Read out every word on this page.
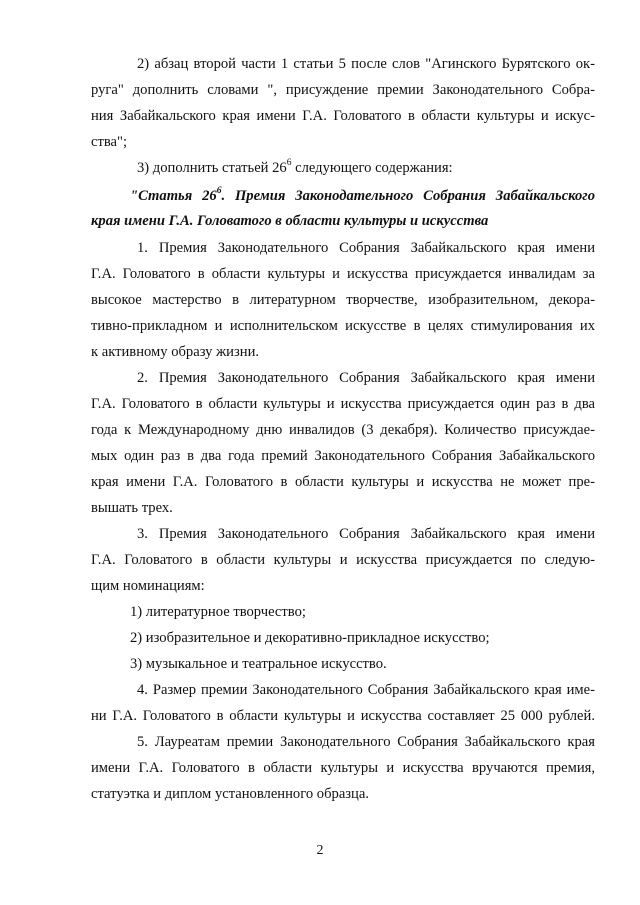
2) абзац второй части 1 статьи 5 после слов "Агинского Бурятского ок-
руга" дополнить словами ", присуждение премии Законодательного Собра-
ния Забайкальского края имени Г.А. Головатого в области культуры и искус-
ства";
3) дополнить статьей $26^6$ следующего содержания:
"Статья $26^6$. Премия Законодательного Собрания Забайкальского
края имени Г.А. Головатого в области культуры и искусства
1. Премия Законодательного Собрания Забайкальского края имени
Г.А. Головатого в области культуры и искусства присуждается инвалидам за
высокое мастерство в литературном творчестве, изобразительном, декора-
тивно-прикладном и исполнительском искусстве в целях стимулирования их
к активному образу жизни.
2. Премия Законодательного Собрания Забайкальского края имени
Г.А. Головатого в области культуры и искусства присуждается один раз в два
года к Международному дню инвалидов (3 декабря). Количество присуждае-
мых один раз в два года премий Законодательного Собрания Забайкальского
края имени Г.А. Головатого в области культуры и искусства не может пре-
вышать трех.
3. Премия Законодательного Собрания Забайкальского края имени
Г.А. Головатого в области культуры и искусства присуждается по следую-
щим номинациям:
1) литературное творчество;
2) изобразительное и декоративно-прикладное искусство;
3) музыкальное и театральное искусство.
4. Размер премии Законодательного Собрания Забайкальского края име-
ни Г.А. Головатого в области культуры и искусства составляет 25 000 рублей.
5. Лауреатам премии Законодательного Собрания Забайкальского края
имени Г.А. Головатого в области культуры и искусства вручаются премия,
статуэтка и диплом установленного образца.
2
